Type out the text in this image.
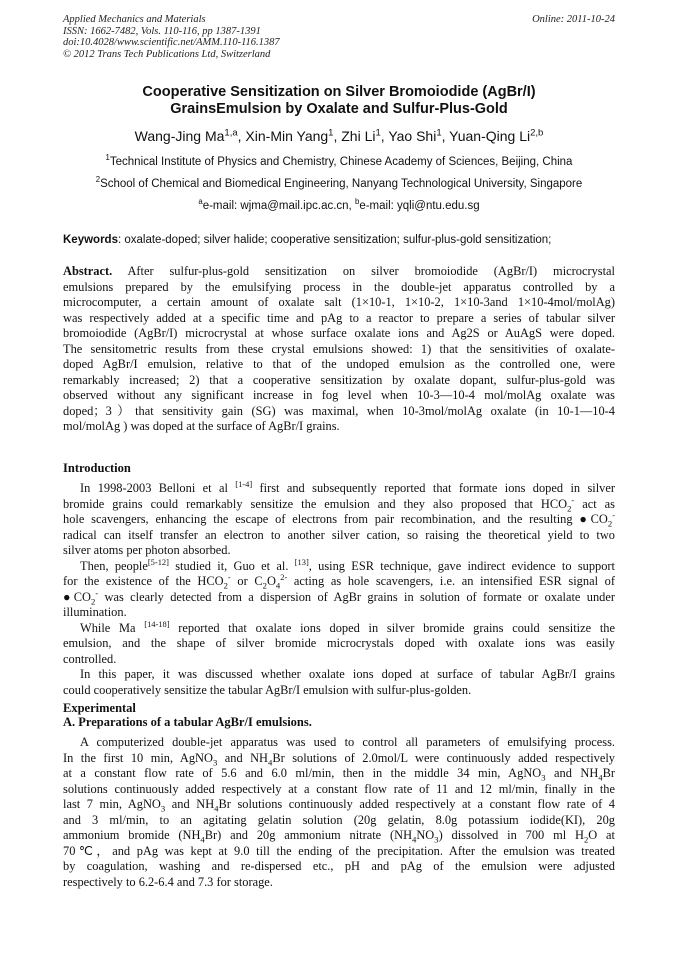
Applied Mechanics and Materials
ISSN: 1662-7482, Vols. 110-116, pp 1387-1391
doi:10.4028/www.scientific.net/AMM.110-116.1387
© 2012 Trans Tech Publications Ltd, Switzerland
Online: 2011-10-24
Cooperative Sensitization on Silver Bromoiodide (AgBr/I)
GrainsEmulsion by Oxalate and Sulfur-Plus-Gold
Wang-Jing Ma$^{1,a}$, Xin-Min Yang$^1$, Zhi Li$^1$, Yao Shi$^1$, Yuan-Qing Li$^{2,b}$
$^1$Technical Institute of Physics and Chemistry, Chinese Academy of Sciences, Beijing, China
$^2$School of Chemical and Biomedical Engineering, Nanyang Technological University, Singapore
$^a$e-mail: wjma@mail.ipc.ac.cn, $^b$e-mail: yqli@ntu.edu.sg
Keywords: oxalate-doped; silver halide; cooperative sensitization; sulfur-plus-gold sensitization;
Abstract. After sulfur-plus-gold sensitization on silver bromoiodide (AgBr/I) microcrystal
emulsions prepared by the emulsifying process in the double-jet apparatus controlled by a
microcomputer, a certain amount of oxalate salt (1×10-1, 1×10-2, 1×10-3and 1×10-4mol/molAg)
was respectively added at a specific time and pAg to a reactor to prepare a series of tabular silver
bromoiodide (AgBr/I) microcrystal at whose surface oxalate ions and Ag2S or AuAgS were doped.
The sensitometric results from these crystal emulsions showed: 1) that the sensitivities of oxalate-
doped AgBr/I emulsion, relative to that of the undoped emulsion as the controlled one, were
remarkably increased; 2) that a cooperative sensitization by oxalate dopant, sulfur-plus-gold was
observed without any significant increase in fog level when 10-3—10-4 mol/molAg oxalate was
doped；3）that sensitivity gain (SG) was maximal, when 10-3mol/molAg oxalate (in 10-1—10-4
mol/molAg ) was doped at the surface of AgBr/I grains.
Introduction
In 1998-2003 Belloni et al [1-4] first and subsequently reported that formate ions doped in silver
bromide grains could remarkably sensitize the emulsion and they also proposed that $HCO_2^-$ act as
hole scavengers, enhancing the escape of electrons from pair recombination, and the resulting $●CO_2^-$
radical can itself transfer an electron to another silver cation, so raising the theoretical yield to two
silver atoms per photon absorbed.
Then, people[5-12] studied it, Guo et al. [13], using ESR technique, gave indirect evidence to support
for the existence of the $HCO_2^-$ or $C_2O_4^{2-}$ acting as hole scavengers, i.e. an intensified ESR signal of
$●CO_2^-$ was clearly detected from a dispersion of AgBr grains in solution of formate or oxalate under
illumination.
While Ma [14-18] reported that oxalate ions doped in silver bromide grains could sensitize the
emulsion, and the shape of silver bromide microcrystals doped with oxalate ions was easily
controlled.
In this paper, it was discussed whether oxalate ions doped at surface of tabular AgBr/I grains
could cooperatively sensitize the tabular AgBr/I emulsion with sulfur-plus-golden.
Experimental
A. Preparations of a tabular AgBr/I emulsions.
A computerized double-jet apparatus was used to control all parameters of emulsifying process.
In the first 10 min, AgNO$_3$ and $NH_4Br$ solutions of 2.0mol/L were continuously added respectively
at a constant flow rate of 5.6 and 6.0 ml/min, then in the middle 34 min, AgNO$_3$ and $NH_4Br$
solutions continuously added respectively at a constant flow rate of 11 and 12 ml/min, finally in the
last 7 min, AgNO$_3$ and $NH_4Br$ solutions continuously added respectively at a constant flow rate of 4
and 3 ml/min, to an agitating gelatin solution (20g gelatin, 8.0g potassium iodide(KI), 20g
ammonium bromide $(NH_4Br)$ and 20g ammonium nitrate $(NH_4NO_3)$ dissolved in 700 ml $H_2O$ at
70℃，and pAg was kept at 9.0 till the ending of the precipitation. After the emulsion was treated
by coagulation, washing and re-dispersed etc., pH and pAg of the emulsion were adjusted
respectively to 6.2-6.4 and 7.3 for storage.
